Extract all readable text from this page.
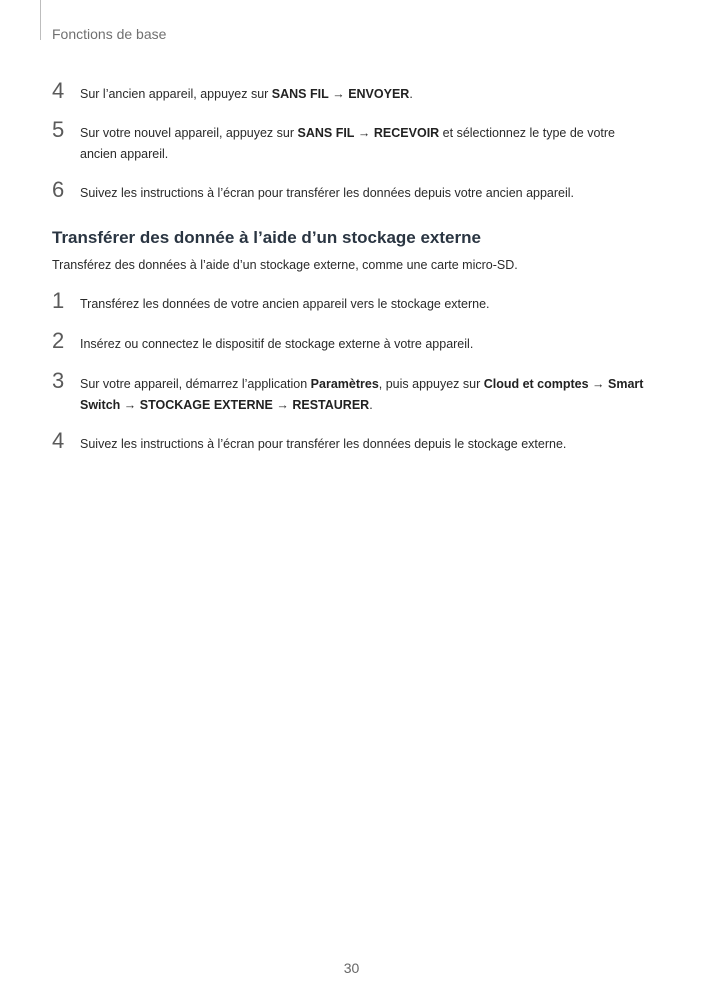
Fonctions de base
4 Sur l’ancien appareil, appuyez sur SANS FIL → ENVOYER.
5 Sur votre nouvel appareil, appuyez sur SANS FIL → RECEVOIR et sélectionnez le type de votre ancien appareil.
6 Suivez les instructions à l’écran pour transférer les données depuis votre ancien appareil.
Transférer des donnée à l’aide d’un stockage externe
Transférez des données à l’aide d’un stockage externe, comme une carte micro-SD.
1 Transférez les données de votre ancien appareil vers le stockage externe.
2 Insérez ou connectez le dispositif de stockage externe à votre appareil.
3 Sur votre appareil, démarrez l’application Paramètres, puis appuyez sur Cloud et comptes → Smart Switch → STOCKAGE EXTERNE → RESTAURER.
4 Suivez les instructions à l’écran pour transférer les données depuis le stockage externe.
30
